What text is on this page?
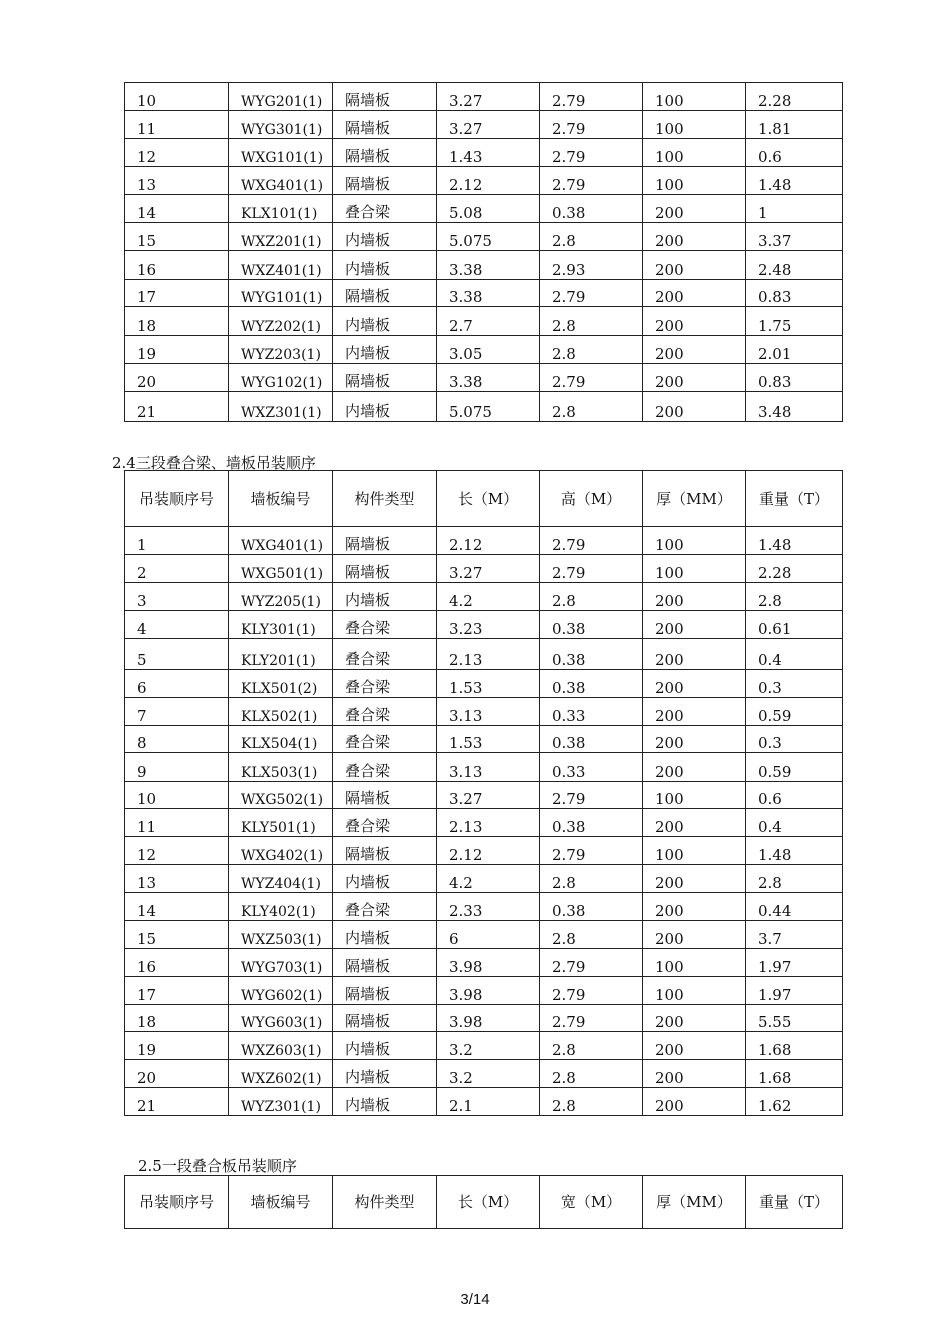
10	WYG201(1)	隔墙板	3.27	2.79	100	2.28
11	WYG301(1)	隔墙板	3.27	2.79	100	1.81
12	WXG101(1)	隔墙板	1.43	2.79	100	0.6
13	WXG401(1)	隔墙板	2.12	2.79	100	1.48
14	KLX101(1)	叠合梁	5.08	0.38	200	1
15	WXZ201(1)	内墙板	5.075	2.8	200	3.37
16	WXZ401(1)	内墙板	3.38	2.93	200	2.48
17	WYG101(1)	隔墙板	3.38	2.79	200	0.83
18	WYZ202(1)	内墙板	2.7	2.8	200	1.75
19	WYZ203(1)	内墙板	3.05	2.8	200	2.01
20	WYG102(1)	隔墙板	3.38	2.79	200	0.83
21	WXZ301(1)	内墙板	5.075	2.8	200	3.48
2.4三段叠合梁、墙板吊装顺序
吊装顺序号	墙板编号	构件类型	长（M）	高（M）	厚（MM）	重量（T）
1	WXG401(1)	隔墙板	2.12	2.79	100	1.48
2	WXG501(1)	隔墙板	3.27	2.79	100	2.28
3	WYZ205(1)	内墙板	4.2	2.8	200	2.8
4	KLY301(1)	叠合梁	3.23	0.38	200	0.61
5	KLY201(1)	叠合梁	2.13	0.38	200	0.4
6	KLX501(2)	叠合梁	1.53	0.38	200	0.3
7	KLX502(1)	叠合梁	3.13	0.33	200	0.59
8	KLX504(1)	叠合梁	1.53	0.38	200	0.3
9	KLX503(1)	叠合梁	3.13	0.33	200	0.59
10	WXG502(1)	隔墙板	3.27	2.79	100	0.6
11	KLY501(1)	叠合梁	2.13	0.38	200	0.4
12	WXG402(1)	隔墙板	2.12	2.79	100	1.48
13	WYZ404(1)	内墙板	4.2	2.8	200	2.8
14	KLY402(1)	叠合梁	2.33	0.38	200	0.44
15	WXZ503(1)	内墙板	6	2.8	200	3.7
16	WYG703(1)	隔墙板	3.98	2.79	100	1.97
17	WYG602(1)	隔墙板	3.98	2.79	100	1.97
18	WYG603(1)	隔墙板	3.98	2.79	200	5.55
19	WXZ603(1)	内墙板	3.2	2.8	200	1.68
20	WXZ602(1)	内墙板	3.2	2.8	200	1.68
21	WYZ301(1)	内墙板	2.1	2.8	200	1.62
2.5一段叠合板吊装顺序
吊装顺序号	墙板编号	构件类型	长（M）	宽（M）	厚（MM）	重量（T）
3/14
